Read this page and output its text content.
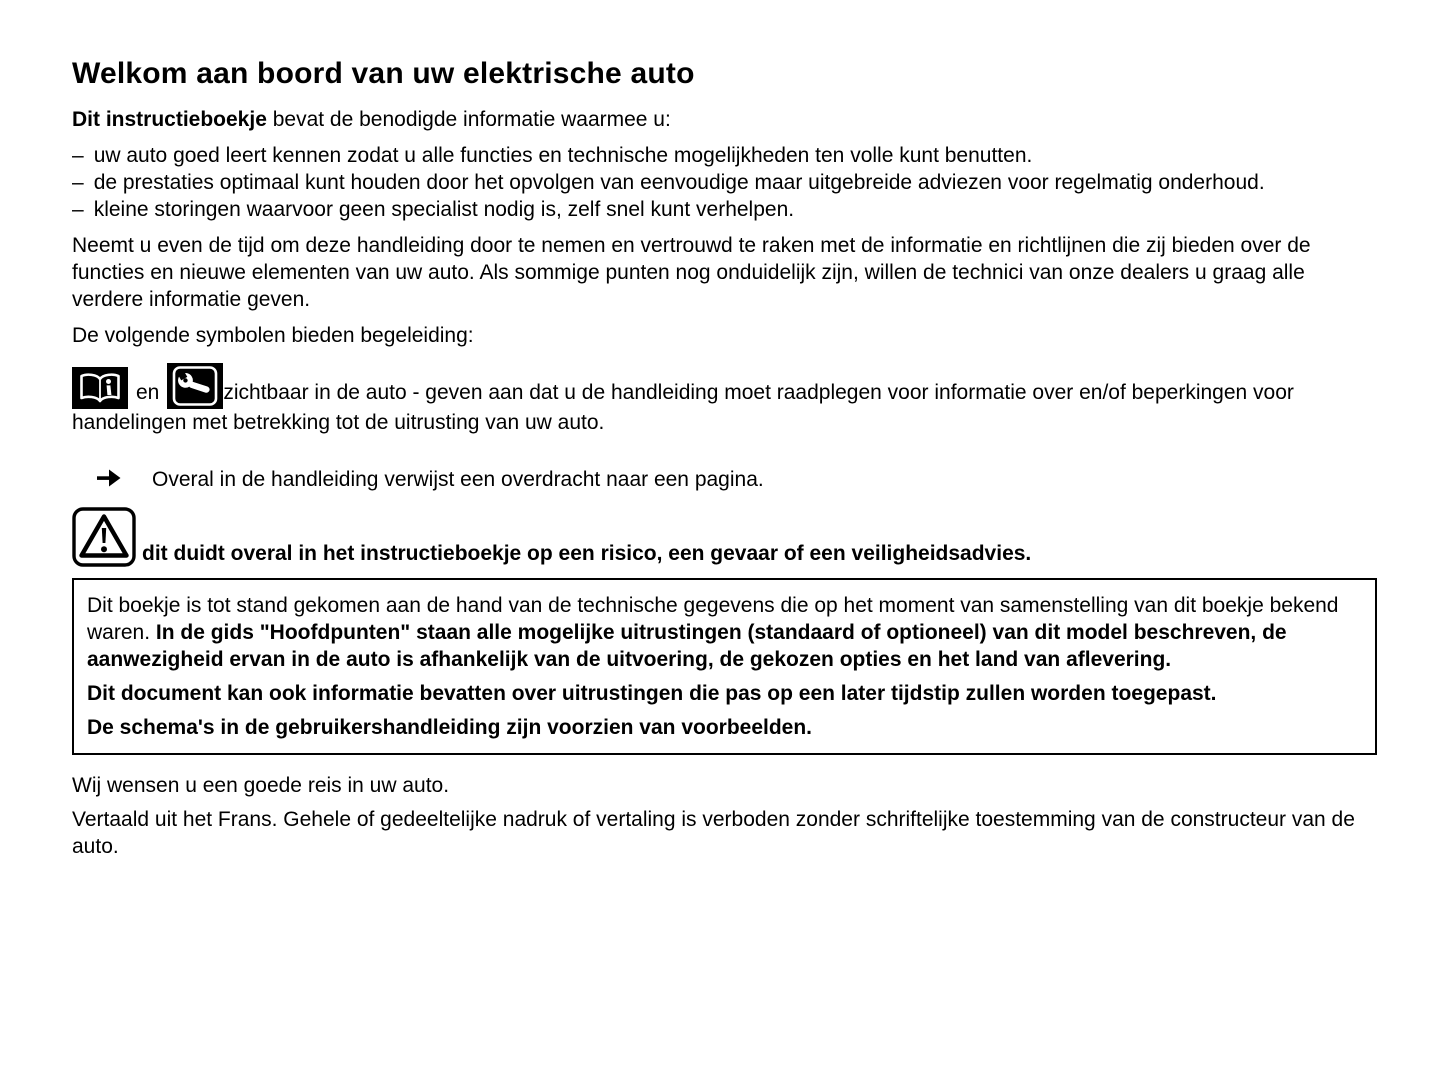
Welkom aan boord van uw elektrische auto

Dit instructieboekje bevat de benodigde informatie waarmee u:

– uw auto goed leert kennen zodat u alle functies en technische mogelijkheden ten volle kunt benutten.

– de prestaties optimaal kunt houden door het opvolgen van eenvoudige maar uitgebreide adviezen voor regelmatig onderhoud.

– kleine storingen waarvoor geen specialist nodig is, zelf snel kunt verhelpen.

Neemt u even de tijd om deze handleiding door te nemen en vertrouwd te raken met de informatie en richtlijnen die zij bieden over de functies en nieuwe elementen van uw auto. Als sommige punten nog onduidelijk zijn, willen de technici van onze dealers u graag alle verdere informatie geven.

De volgende symbolen bieden begeleiding:

en	zichtbaar in de auto - geven aan dat u de handleiding moet raadplegen voor informatie over en/of beperkingen voor handelingen met betrekking tot de uitrusting van uw auto.

Overal in de handleiding verwijst een overdracht naar een pagina.

dit duidt overal in het instructieboekje op een risico, een gevaar of een veiligheidsadvies.

Dit boekje is tot stand gekomen aan de hand van de technische gegevens die op het moment van samenstelling van dit boekje bekend waren. In de gids "Hoofdpunten" staan alle mogelijke uitrustingen (standaard of optioneel) van dit model beschreven, de aanwezigheid ervan in de auto is afhankelijk van de uitvoering, de gekozen opties en het land van aflevering.

Dit document kan ook informatie bevatten over uitrustingen die pas op een later tijdstip zullen worden toegepast.

De schema's in de gebruikershandleiding zijn voorzien van voorbeelden.

Wij wensen u een goede reis in uw auto.

Vertaald uit het Frans. Gehele of gedeeltelijke nadruk of vertaling is verboden zonder schriftelijke toestemming van de constructeur van de auto.
